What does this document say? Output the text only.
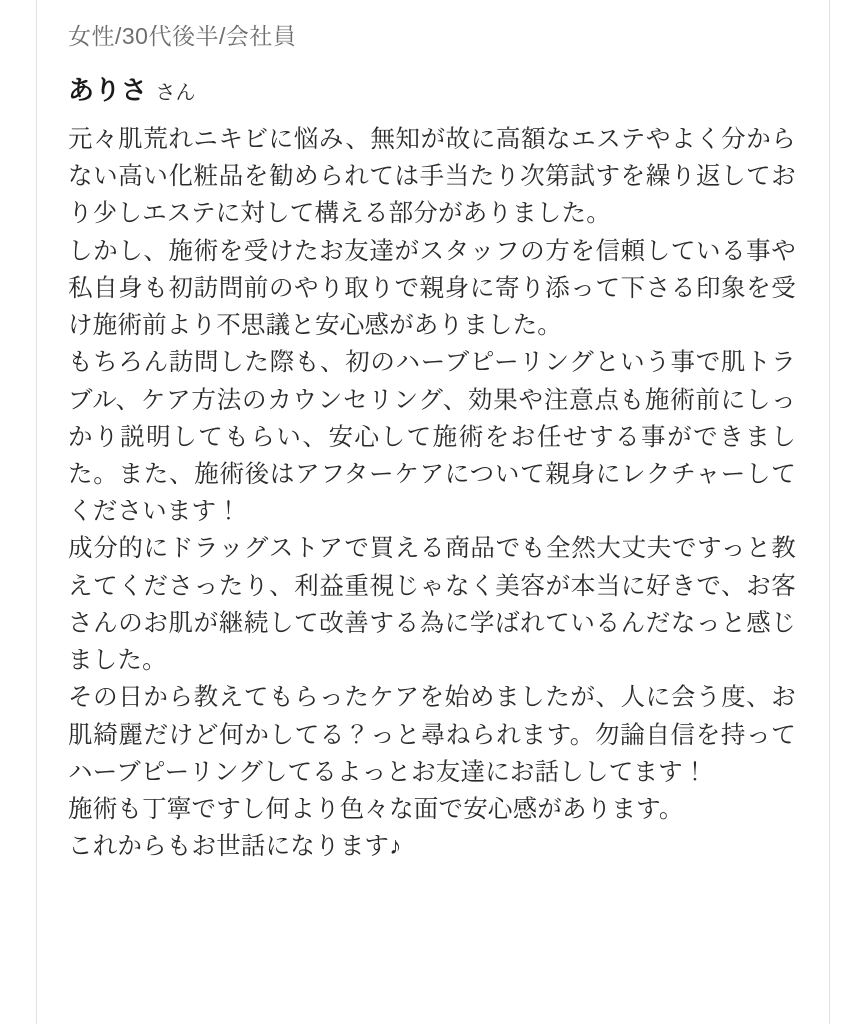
女性/30代後半/会社員
ありさ さん

元々肌荒れニキビに悩み、無知が故に高額なエステやよく分からない高い化粧品を勧められては手当たり次第試すを繰り返しており少しエステに対して構える部分がありました。

しかし、施術を受けたお友達がスタッフの方を信頼している事や私自身も初訪問前のやり取りで親身に寄り添って下さる印象を受け施術前より不思議と安心感がありました。

もちろん訪問した際も、初のハーブピーリングという事で肌トラブル、ケア方法のカウンセリング、効果や注意点も施術前にしっかり説明してもらい、安心して施術をお任せする事ができました。また、施術後はアフターケアについて親身にレクチャーしてくださいます！

成分的にドラッグストアで買える商品でも全然大丈夫ですっと教えてくださったり、利益重視じゃなく美容が本当に好きで、お客さんのお肌が継続して改善する為に学ばれているんだなっと感じました。

その日から教えてもらったケアを始めましたが、人に会う度、お肌綺麗だけど何かしてる？っと尋ねられます。勿論自信を持ってハーブピーリングしてるよっとお友達にお話ししてます！

施術も丁寧ですし何より色々な面で安心感があります。

これからもお世話になります♪
